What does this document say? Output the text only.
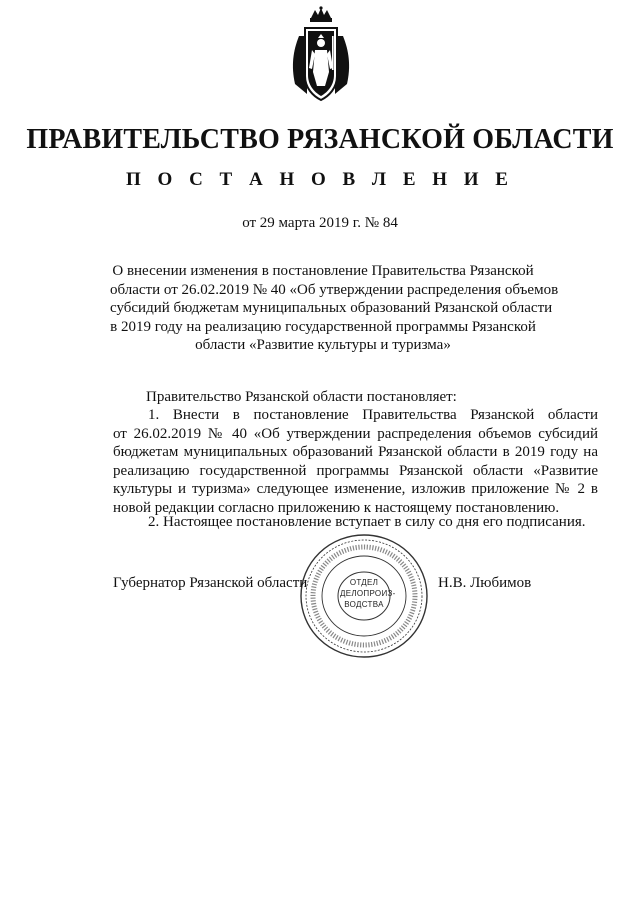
ПРАВИТЕЛЬСТВО РЯЗАНСКОЙ ОБЛАСТИ
П О С Т А Н О В Л Е Н И Е
от 29 марта 2019 г. № 84
О внесении изменения в постановление Правительства Рязанской
области от 26.02.2019 № 40 «Об утверждении распределения объемов
субсидий бюджетам муниципальных образований Рязанской области
в 2019 году на реализацию государственной программы Рязанской
области «Развитие культуры и туризма»
Правительство Рязанской области постановляет:
1. Внести в постановление Правительства Рязанской области
от 26.02.2019 № 40 «Об утверждении распределения объемов субсидий
бюджетам муниципальных образований Рязанской области в 2019 году на
реализацию государственной программы Рязанской области «Развитие
культуры и туризма» следующее изменение, изложив приложение № 2 в
новой редакции согласно приложению к настоящему постановлению.
2. Настоящее постановление вступает в силу со дня его подписания.
ОТДЕЛ
ДЕЛОПРОИЗ-
ВОДСТВА
Губернатор Рязанской области	Н.В. Любимов
